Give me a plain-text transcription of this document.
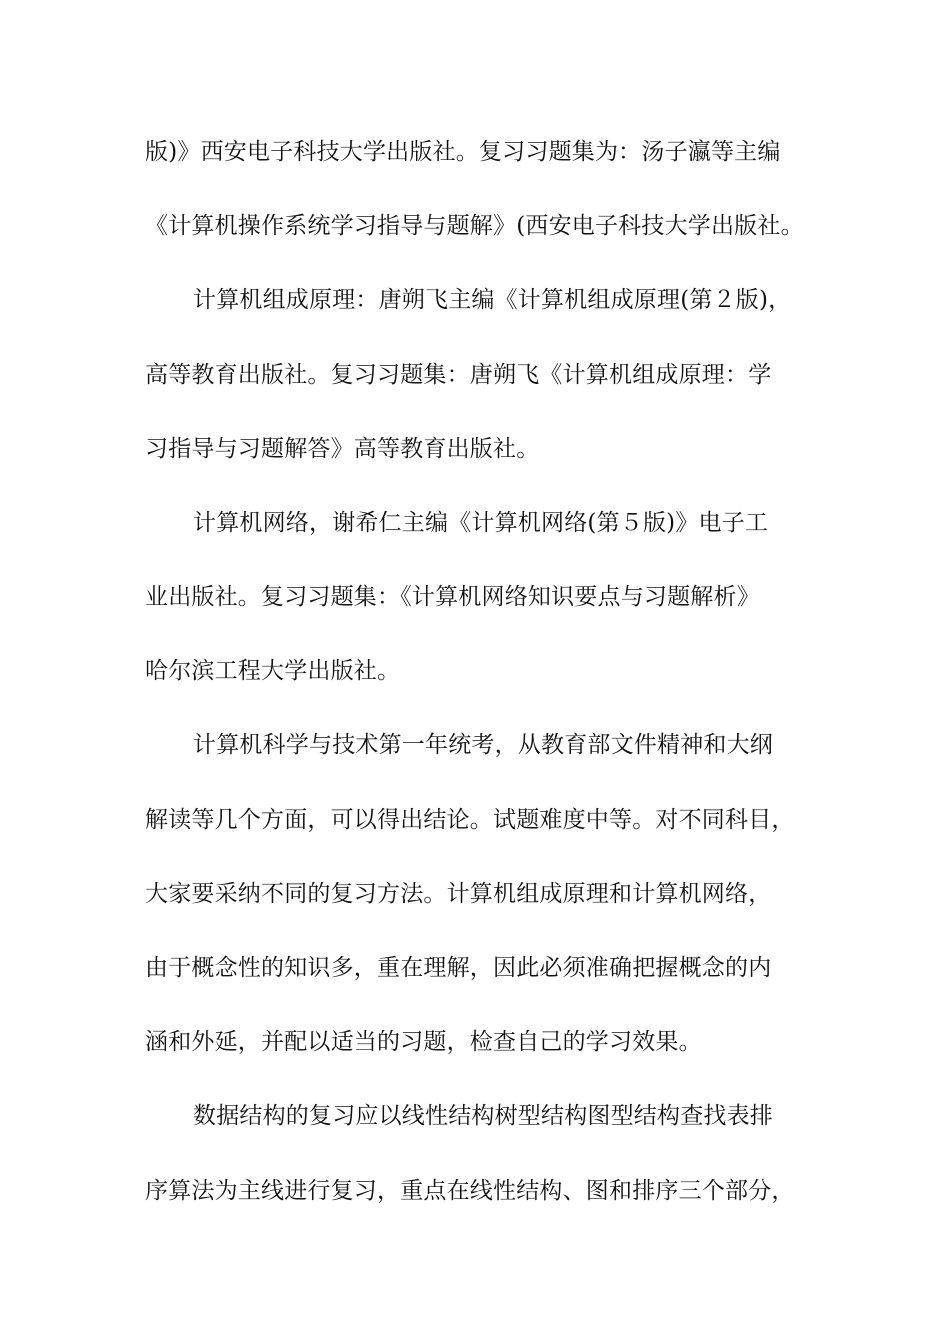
版)》西安电子科技大学出版社。复习习题集为：汤子瀛等主编
《计算机操作系统学习指导与题解》(西安电子科技大学出版社。
计算机组成原理：唐朔飞主编《计算机组成原理(第２版)，
高等教育出版社。复习习题集：唐朔飞《计算机组成原理：学
习指导与习题解答》高等教育出版社。
计算机网络，谢希仁主编《计算机网络(第５版)》电子工
业出版社。复习习题集：《计算机网络知识要点与习题解析》
哈尔滨工程大学出版社。
计算机科学与技术第一年统考，从教育部文件精神和大纲
解读等几个方面，可以得出结论。试题难度中等。对不同科目，
大家要采纳不同的复习方法。计算机组成原理和计算机网络，
由于概念性的知识多，重在理解，因此必须准确把握概念的内
涵和外延，并配以适当的习题，检查自己的学习效果。
数据结构的复习应以线性结构树型结构图型结构查找表排
序算法为主线进行复习，重点在线性结构、图和排序三个部分，
